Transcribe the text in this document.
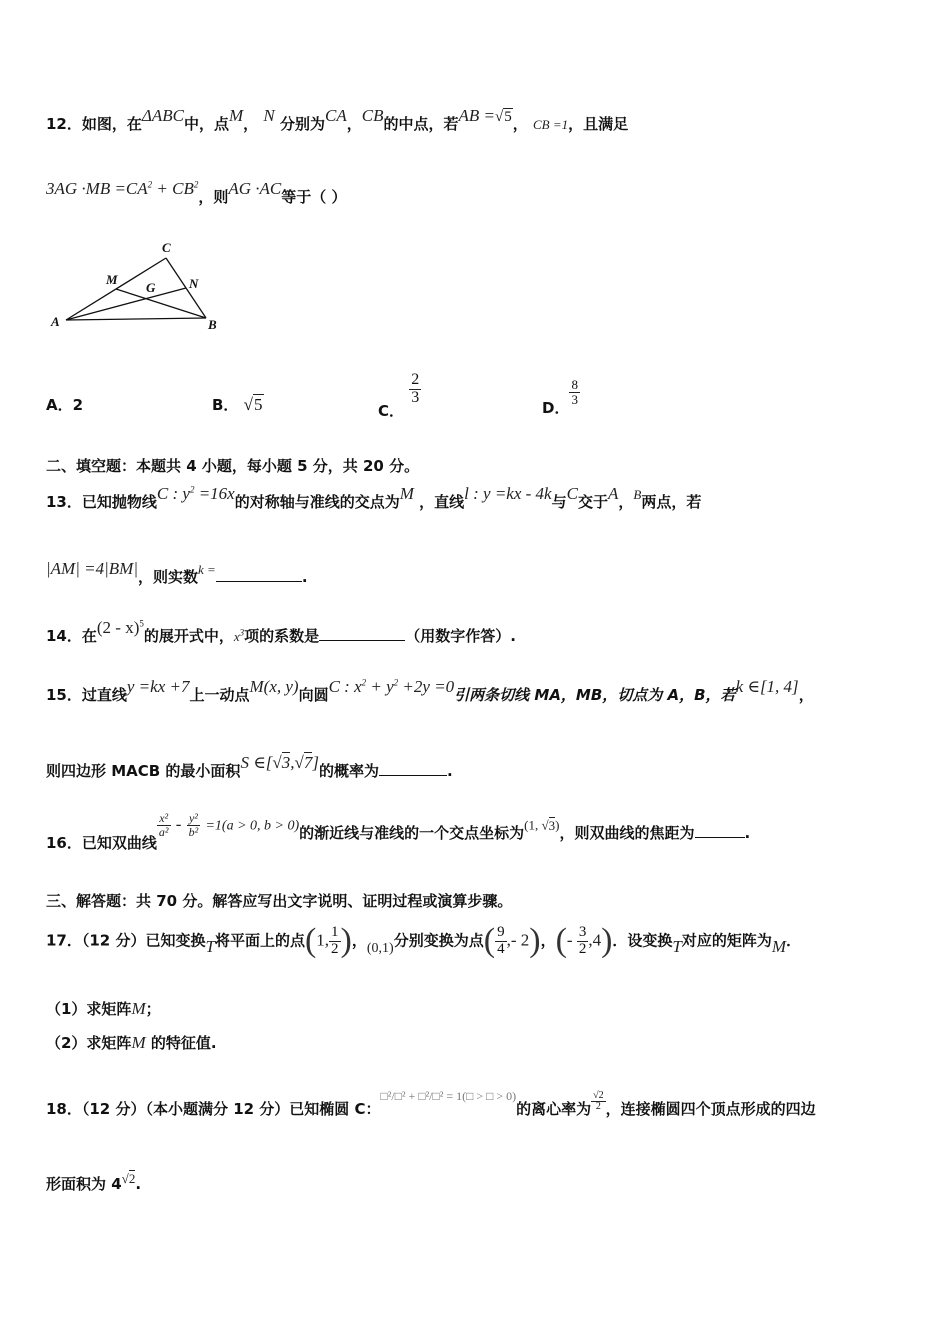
12．如图，在ΔABC中，点M， N 分别为CA，CB的中点，若AB =√5， CB =1，且满足
$3AG \cdot MB =CA^2 + CB^2$，则AG ·AC等于（ ）
A	B
C
M	N
G
A．2	B． √5	C．
$\frac{2}{3}$
D．
$\frac{8}{3}$
二、填空题：本题共 4 小题，每小题 5 分，共 20 分。
13．已知抛物线C : $y^2 =16x$的对称轴与准线的交点为M ，直线l : y =kx - 4k与C交于A，B两点，若
|AM| =4|BM|，则实数k =	.
14．在(2 - x)$^5$的展开式中，$x^3$项的系数是	（用数字作答）.
15．过直线y =kx +7上一动点M(x, y)向圆C : $x^2 + y^2 +2y =0$引两条切线 MA，MB，切点为 A，B，若k ∈[1, 4]，
则四边形 MACB 的最小面积S ∈[√3,√7]的概率为	.
16．已知双曲线
$\frac{\text{x²}}{\text{a²}} - \frac{\text{y²}}{\text{b²}} =1(a > 0$, b > 0)的渐近线与准线的一个交点坐标为(1, √3)，则双曲线的焦距为	.
三、解答题：共 70 分。解答应写出文字说明、证明过程或演算步骤。
17．（12 分）已知变换T将平面上的点(1, $\frac{1}{2}$ )，(0,1)分别变换为点( $\frac{9}{4}$ ,- 2)，(- $\frac{3}{2} ,4$)．设变换T对应的矩阵为M．
（1）求矩阵M；
（2）求矩阵M 的特征值.
18．（12 分）（本小题满分 12 分）已知椭圆 C：$^{□^2/□^2 + □^2/□^2 = 1(□ > □ > 0)}$的离心率为 $\frac{√2}{2}$ ，连接椭圆四个顶点形成的四边
形面积为 4√2.
